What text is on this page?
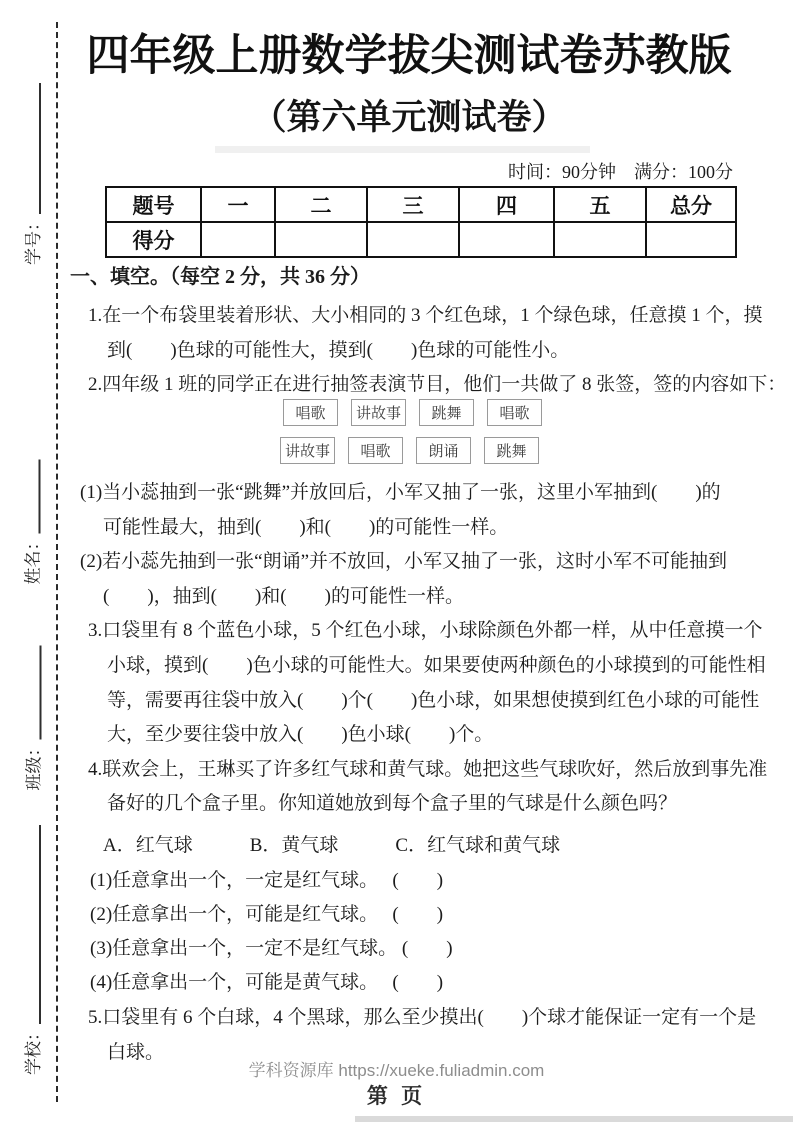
学号：
姓名：
班级：
学校：
四年级上册数学拔尖测试卷苏教版
（第六单元测试卷）
时间：90分钟　满分：100分
题号	一	二	三	四	五	总分
得分						
一、填空。（每空 2 分，共 36 分）
1.在一个布袋里装着形状、大小相同的 3 个红色球，1 个绿色球，任意摸 1 个，摸
到(　　)色球的可能性大，摸到(　　)色球的可能性小。
2.四年级 1 班的同学正在进行抽签表演节目，他们一共做了 8 张签，签的内容如下：
唱歌	讲故事	跳舞	唱歌
讲故事	唱歌	朗诵	跳舞
(1)当小蕊抽到一张“跳舞”并放回后，小军又抽了一张，这里小军抽到(　　)的
可能性最大，抽到(　　)和(　　)的可能性一样。
(2)若小蕊先抽到一张“朗诵”并不放回，小军又抽了一张，这时小军不可能抽到
(　　)，抽到(　　)和(　　)的可能性一样。
3.口袋里有 8 个蓝色小球，5 个红色小球，小球除颜色外都一样，从中任意摸一个
小球，摸到(　　)色小球的可能性大。如果要使两种颜色的小球摸到的可能性相
等，需要再往袋中放入(　　)个(　　)色小球，如果想使摸到红色小球的可能性
大，至少要往袋中放入(　　)色小球(　　)个。
4.联欢会上，王琳买了许多红气球和黄气球。她把这些气球吹好，然后放到事先准
备好的几个盒子里。你知道她放到每个盒子里的气球是什么颜色吗？
A．红气球　　　B．黄气球　　　C．红气球和黄气球
(1)任意拿出一个，一定是红气球。　 (　　)
(2)任意拿出一个，可能是红气球。　 (　　)
(3)任意拿出一个，一定不是红气球。 (　　)
(4)任意拿出一个，可能是黄气球。　 (　　)
5.口袋里有 6 个白球，4 个黑球，那么至少摸出(　　)个球才能保证一定有一个是
白球。
学科资源库 https://xueke.fuliadmin.com
第 页
